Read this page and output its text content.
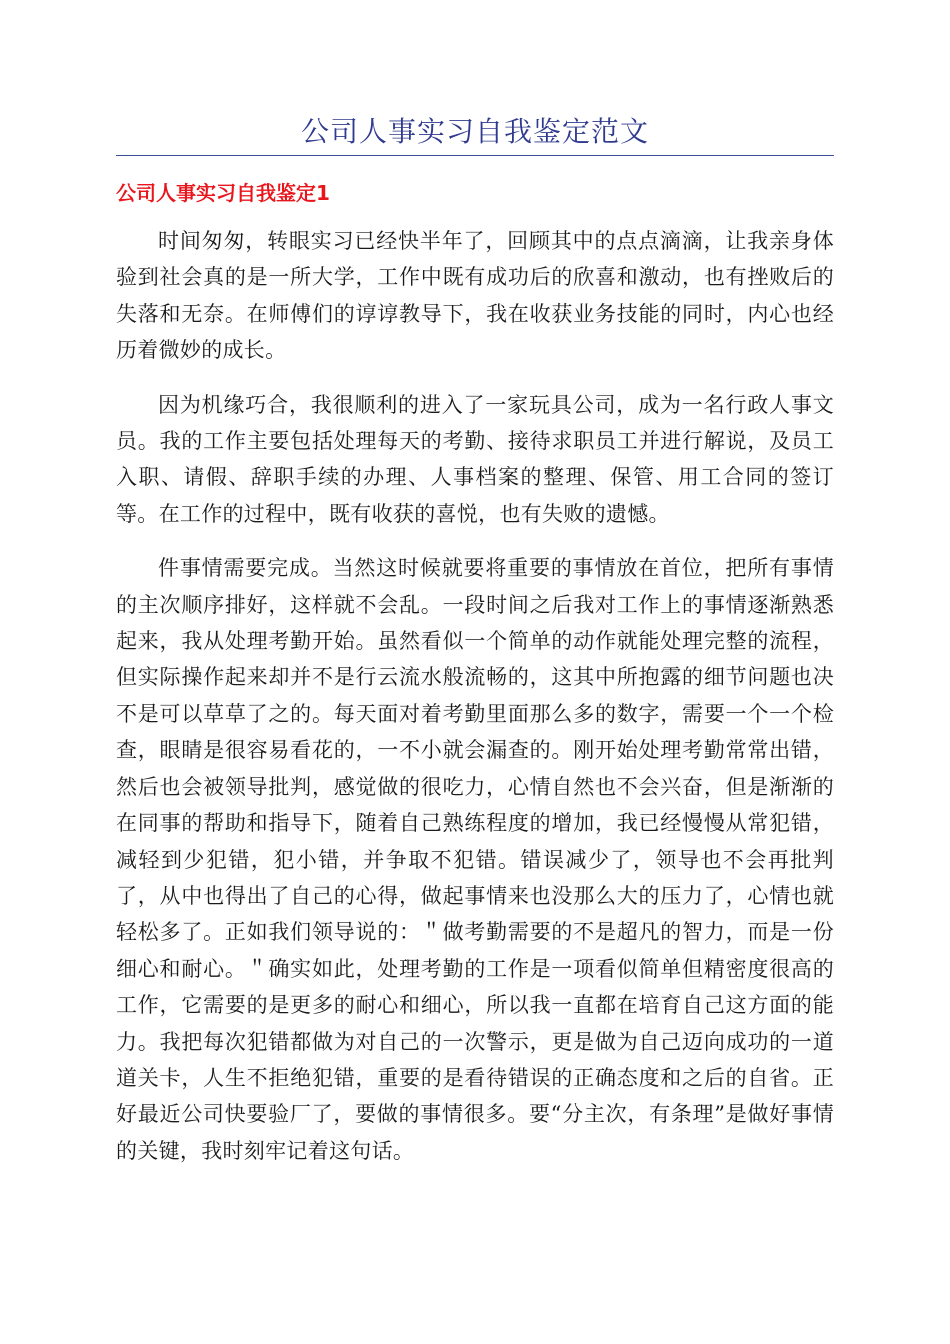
公司人事实习自我鉴定范文
公司人事实习自我鉴定1

时间匆匆，转眼实习已经快半年了，回顾其中的点点滴滴，让我亲身体验到社会真的是一所大学，工作中既有成功后的欣喜和激动，也有挫败后的失落和无奈。在师傅们的谆谆教导下，我在收获业务技能的同时，内心也经历着微妙的成长。

因为机缘巧合，我很顺利的进入了一家玩具公司，成为一名行政人事文员。我的工作主要包括处理每天的考勤、接待求职员工并进行解说，及员工入职、请假、辞职手续的办理、人事档案的整理、保管、用工合同的签订等。在工作的过程中，既有收获的喜悦，也有失败的遗憾。

件事情需要完成。当然这时候就要将重要的事情放在首位，把所有事情的主次顺序排好，这样就不会乱。一段时间之后我对工作上的事情逐渐熟悉起来，我从处理考勤开始。虽然看似一个简单的动作就能处理完整的流程，但实际操作起来却并不是行云流水般流畅的，这其中所抱露的细节问题也决不是可以草草了之的。每天面对着考勤里面那么多的数字，需要一个一个检查，眼睛是很容易看花的，一不小就会漏查的。刚开始处理考勤常常出错，然后也会被领导批判，感觉做的很吃力，心情自然也不会兴奋，但是渐渐的在同事的帮助和指导下，随着自己熟练程度的增加，我已经慢慢从常犯错，减轻到少犯错，犯小错，并争取不犯错。错误减少了，领导也不会再批判了，从中也得出了自己的心得，做起事情来也没那么大的压力了，心情也就轻松多了。正如我们领导说的：＂做考勤需要的不是超凡的智力，而是一份细心和耐心。＂确实如此，处理考勤的工作是一项看似简单但精密度很高的工作，它需要的是更多的耐心和细心，所以我一直都在培育自己这方面的能力。我把每次犯错都做为对自己的一次警示，更是做为自己迈向成功的一道道关卡，人生不拒绝犯错，重要的是看待错误的正确态度和之后的自省。正好最近公司快要验厂了，要做的事情很多。要“分主次，有条理”是做好事情的关键，我时刻牢记着这句话。
